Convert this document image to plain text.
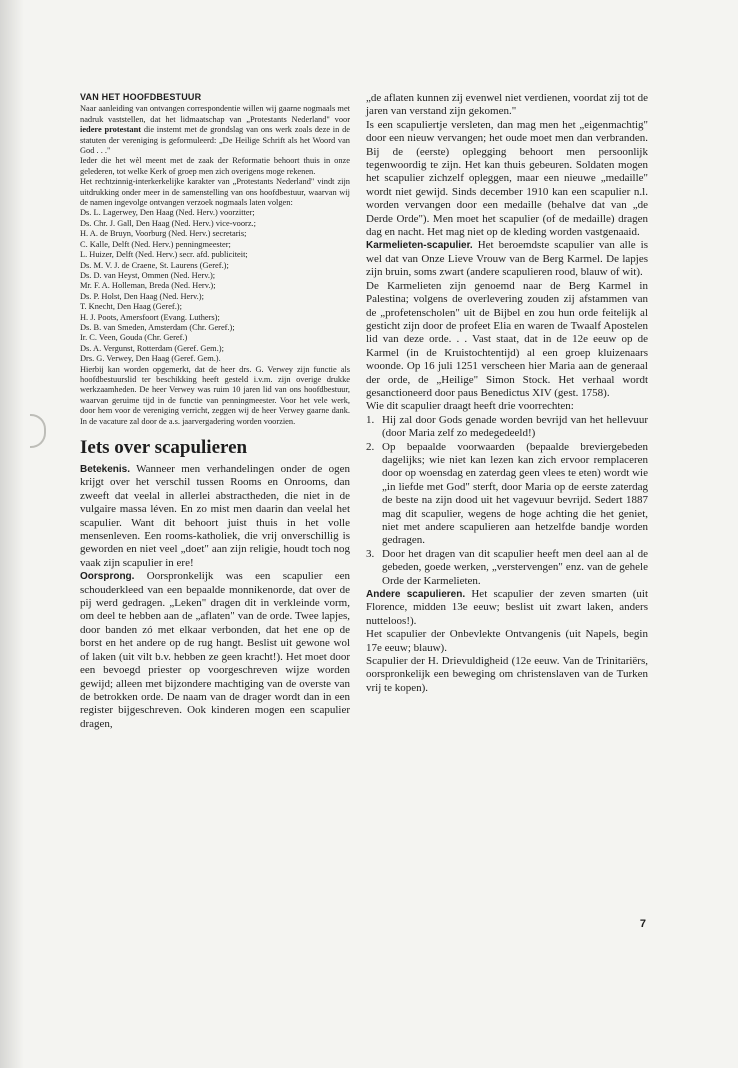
VAN HET HOOFDBESTUUR

Naar aanleiding van ontvangen correspondentie willen wij gaarne nogmaals met nadruk vaststellen, dat het lidmaatschap van „Protestants Nederland" voor iedere protestant die instemt met de grondslag van ons werk zoals deze in de statuten der vereniging is geformuleerd: „De Heilige Schrift als het Woord van God . . ."

Ieder die het wèl meent met de zaak der Reformatie behoort thuis in onze gelederen, tot welke Kerk of groep men zich overigens moge rekenen.

Het rechtzinnig-interkerkelijke karakter van „Protestants Nederland" vindt zijn uitdrukking onder meer in de samenstelling van ons hoofdbestuur, waarvan wij de namen ingevolge ontvangen verzoek nogmaals laten volgen:

Ds. L. Lagerwey, Den Haag (Ned. Herv.) voorzitter;

Ds. Chr. J. Gall, Den Haag (Ned. Herv.) vice-voorz.;

H. A. de Bruyn, Voorburg (Ned. Herv.) secretaris;

C. Kalle, Delft (Ned. Herv.) penningmeester;

L. Huizer, Delft (Ned. Herv.) secr. afd. publiciteit;

Ds. M. V. J. de Craene, St. Laurens (Geref.);

Ds. D. van Heyst, Ommen (Ned. Herv.);

Mr. F. A. Holleman, Breda (Ned. Herv.);

Ds. P. Holst, Den Haag (Ned. Herv.);

T. Knecht, Den Haag (Geref.);

H. J. Poots, Amersfoort (Evang. Luthers);

Ds. B. van Smeden, Amsterdam (Chr. Geref.);

Ir. C. Veen, Gouda (Chr. Geref.)

Ds. A. Vergunst, Rotterdam (Geref. Gem.);

Drs. G. Verwey, Den Haag (Geref. Gem.).

Hierbij kan worden opgemerkt, dat de heer drs. G. Verwey zijn functie als hoofdbestuurslid ter beschikking heeft gesteld i.v.m. zijn overige drukke werkzaamheden. De heer Verwey was ruim 10 jaren lid van ons hoofdbestuur, waarvan geruime tijd in de functie van penningmeester. Voor het vele werk, door hem voor de vereniging verricht, zeggen wij de heer Verwey gaarne dank. In de vacature zal door de a.s. jaarvergadering worden voorzien.

Iets over scapulieren

Betekenis. Wanneer men verhandelingen onder de ogen krijgt over het verschil tussen Rooms en Onrooms, dan zweeft dat veelal in allerlei abstractheden, die niet in de vulgaire massa léven. En zo mist men daarin dan veelal het scapulier. Want dit behoort juist thuis in het volle mensenleven. Een rooms-katholiek, die vrij onverschillig is geworden en niet veel „doet" aan zijn religie, houdt toch nog vaak zijn scapulier in ere!

Oorsprong. Oorspronkelijk was een scapulier een schouderkleed van een bepaalde monnikenorde, dat over de pij werd gedragen. „Leken" dragen dit in verkleinde vorm, om deel te hebben aan de „aflaten" van de orde. Twee lapjes, door banden zó met elkaar verbonden, dat het ene op de borst en het andere op de rug hangt. Beslist uit gewone wol of laken (uit vilt b.v. hebben ze geen kracht!). Het moet door een bevoegd priester op voorgeschreven wijze worden gewijd; alleen met bijzondere machtiging van de overste van de betrokken orde. De naam van de drager wordt dan in een register bijgeschreven. Ook kinderen mogen een scapulier dragen,

„de aflaten kunnen zij evenwel niet verdienen, voordat zij tot de jaren van verstand zijn gekomen."

Is een scapuliertje versleten, dan mag men het „eigenmachtig" door een nieuw vervangen; het oude moet men dan verbranden. Bij de (eerste) oplegging behoort men persoonlijk tegenwoordig te zijn. Het kan thuis gebeuren. Soldaten mogen het scapulier zichzelf opleggen, maar een nieuwe „medaille" wordt niet gewijd. Sinds december 1910 kan een scapulier n.l. worden vervangen door een medaille (behalve dat van „de Derde Orde"). Men moet het scapulier (of de medaille) dragen dag en nacht. Het mag niet op de kleding worden vastgenaaid.

Karmelieten-scapulier. Het beroemdste scapulier van alle is wel dat van Onze Lieve Vrouw van de Berg Karmel. De lapjes zijn bruin, soms zwart (andere scapulieren rood, blauw of wit).

De Karmelieten zijn genoemd naar de Berg Karmel in Palestina; volgens de overlevering zouden zij afstammen van de „profetenscholen" uit de Bijbel en zou hun orde feitelijk al gesticht zijn door de profeet Elia en waren de Twaalf Apostelen lid van deze orde. . . Vast staat, dat in de 12e eeuw op de Karmel (in de Kruistochtentijd) al een groep kluizenaars woonde. Op 16 juli 1251 verscheen hier Maria aan de generaal der orde, de „Heilige" Simon Stock. Het verhaal wordt gesanctioneerd door paus Benedictus XIV (gest. 1758).

Wie dit scapulier draagt heeft drie voorrechten:

1. Hij zal door Gods genade worden bevrijd van het hellevuur (door Maria zelf zo medegedeeld!)
2. Op bepaalde voorwaarden (bepaalde breviergebeden dagelijks; wie niet kan lezen kan zich ervoor remplaceren door op woensdag en zaterdag geen vlees te eten) wordt wie „in liefde met God" sterft, door Maria op de eerste zaterdag de beste na zijn dood uit het vagevuur bevrijd. Sedert 1887 mag dit scapulier, wegens de hoge achting die het geniet, niet met andere scapulieren aan hetzelfde bandje worden gedragen.
3. Door het dragen van dit scapulier heeft men deel aan al de gebeden, goede werken, „verstervengen" enz. van de gehele Orde der Karmelieten.

Andere scapulieren. Het scapulier der zeven smarten (uit Florence, midden 13e eeuw; beslist uit zwart laken, anders nutteloos!).

Het scapulier der Onbevlekte Ontvangenis (uit Napels, begin 17e eeuw; blauw).

Scapulier der H. Drievuldigheid (12e eeuw. Van de Trinitariërs, oorspronkelijk een beweging om christenslaven van de Turken vrij te kopen).

7
